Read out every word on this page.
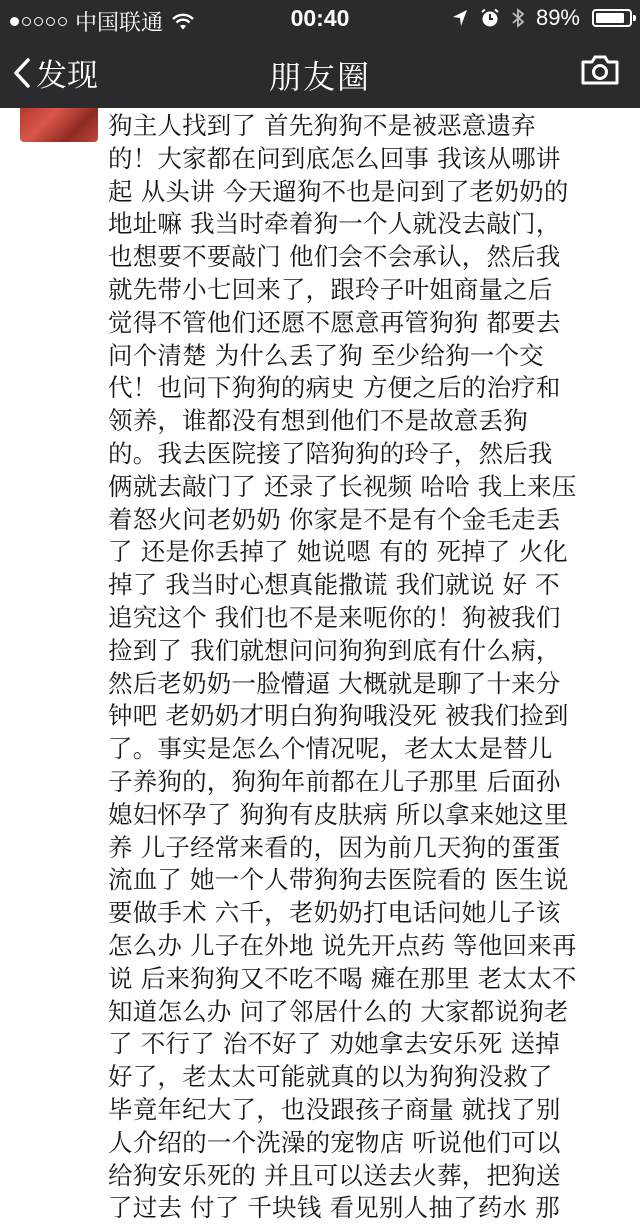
中国联通	00:40	89%
发现	朋友圈
狗主人找到了 首先狗狗不是被恶意遗弃
的！大家都在问到底怎么回事 我该从哪讲
起 从头讲 今天遛狗不也是问到了老奶奶的
地址嘛 我当时牵着狗一个人就没去敲门，
也想要不要敲门 他们会不会承认，然后我
就先带小七回来了，跟玲子叶姐商量之后
觉得不管他们还愿不愿意再管狗狗 都要去
问个清楚 为什么丢了狗 至少给狗一个交
代！也问下狗狗的病史 方便之后的治疗和
领养，谁都没有想到他们不是故意丢狗
的。我去医院接了陪狗狗的玲子，然后我
俩就去敲门了 还录了长视频 哈哈 我上来压
着怒火问老奶奶 你家是不是有个金毛走丢
了 还是你丢掉了 她说嗯 有的 死掉了 火化
掉了 我当时心想真能撒谎 我们就说 好 不
追究这个 我们也不是来呃你的！狗被我们
捡到了 我们就想问问狗狗到底有什么病，
然后老奶奶一脸懵逼 大概就是聊了十来分
钟吧 老奶奶才明白狗狗哦没死 被我们捡到
了。事实是怎么个情况呢，老太太是替儿
子养狗的，狗狗年前都在儿子那里 后面孙
媳妇怀孕了 狗狗有皮肤病 所以拿来她这里
养 儿子经常来看的，因为前几天狗的蛋蛋
流血了 她一个人带狗狗去医院看的 医生说
要做手术 六千，老奶奶打电话问她儿子该
怎么办 儿子在外地 说先开点药 等他回来再
说 后来狗狗又不吃不喝 瘫在那里 老太太不
知道怎么办 问了邻居什么的 大家都说狗老
了 不行了 治不好了 劝她拿去安乐死 送掉
好了，老太太可能就真的以为狗狗没救了
毕竟年纪大了，也没跟孩子商量 就找了别
人介绍的一个洗澡的宠物店 听说他们可以
给狗安乐死的 并且可以送去火葬，把狗送
了过去 付了 千块钱 看见别人抽了药水 那
